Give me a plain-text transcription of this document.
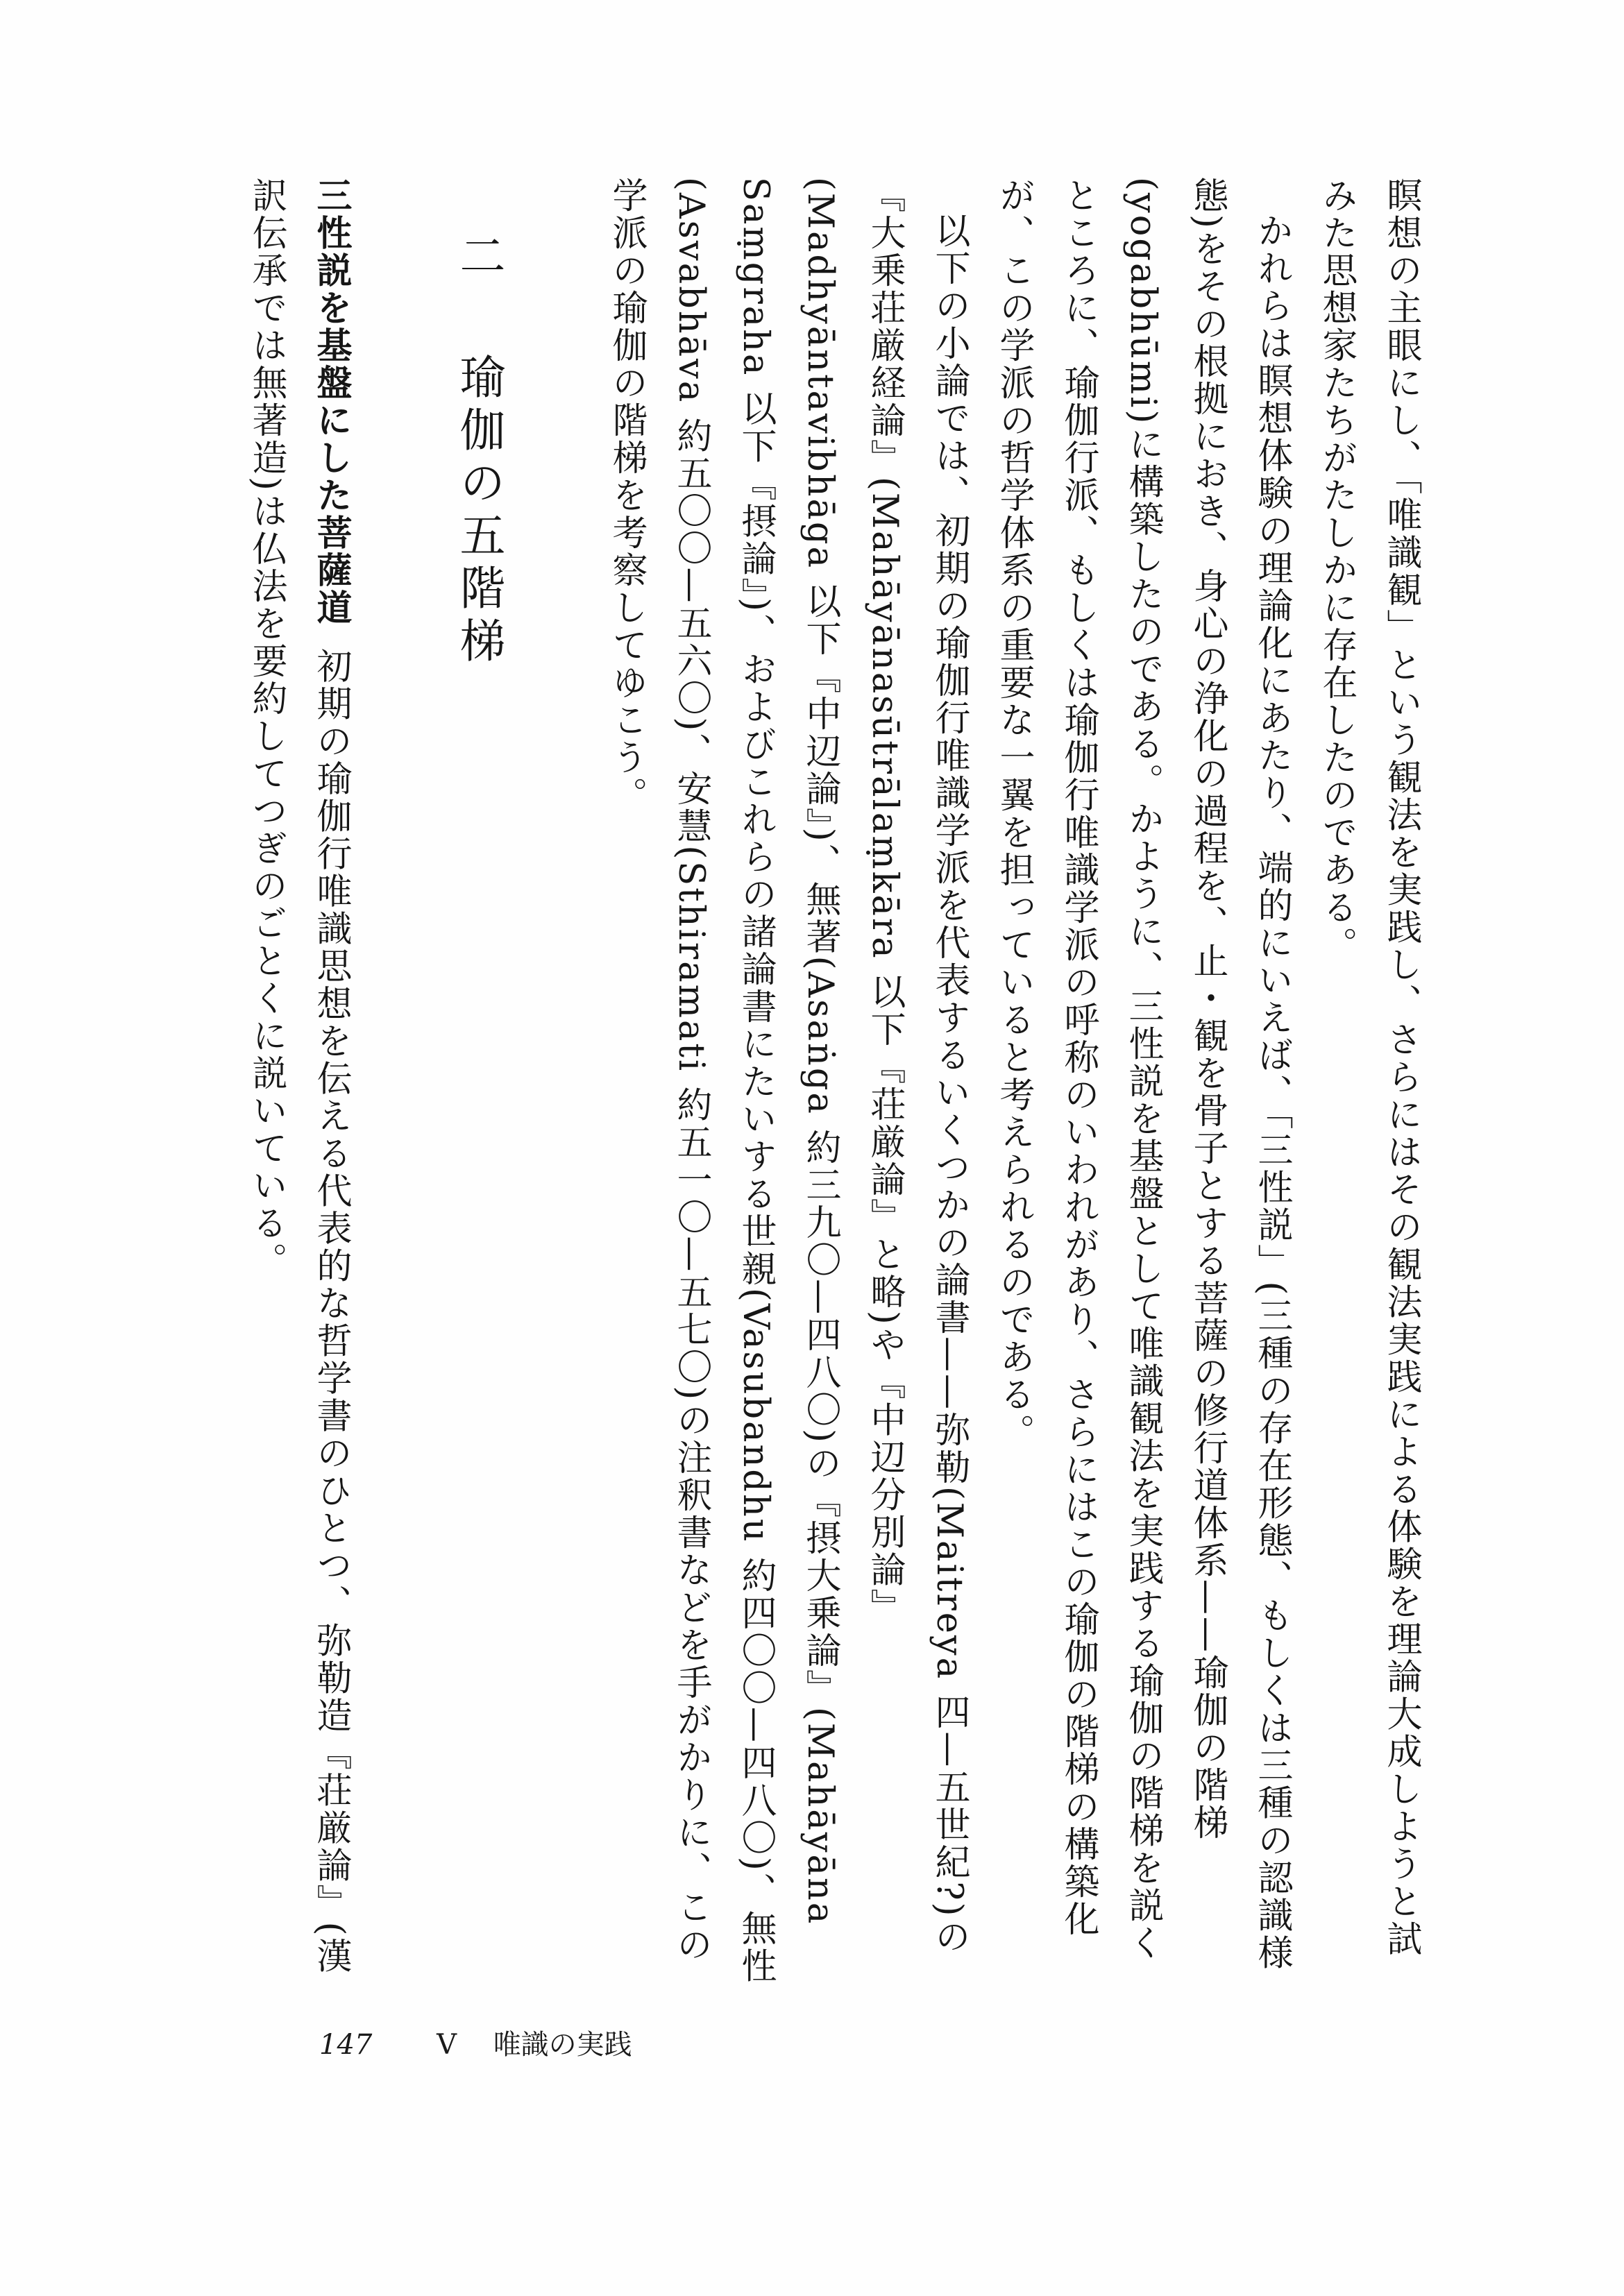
瞑想の主眼にし、「唯識観」という観法を実践し、さらにはその観法実践による体験を理論大成しようと試みた思想家たちがたしかに存在したのである。

かれらは瞑想体験の理論化にあたり、端的にいえば、「三性説」(三種の存在形態、もしくは三種の認識様態)をその根拠におき、身心の浄化の過程を、止・観を骨子とする菩薩の修行道体系——瑜伽の階梯(yogabhūmi)に構築したのである。かように、三性説を基盤として唯識観法を実践する瑜伽の階梯を説くところに、瑜伽行派、もしくは瑜伽行唯識学派の呼称のいわれがあり、さらにはこの瑜伽の階梯の構築化が、この学派の哲学体系の重要な一翼を担っていると考えられるのである。

以下の小論では、初期の瑜伽行唯識学派を代表するいくつかの論書——弥勒(Maitreya 四—五世紀?)の『大乗荘厳経論』(Mahāyānasūtrālaṃkāra 以下『荘厳論』と略)や『中辺分別論』(Madhyāntavibhāga 以下『中辺論』)、無著(Asaṅga 約三九〇—四八〇)の『摂大乗論』(Mahāyāna Saṃgraha 以下『摂論』)、およびこれらの諸論書にたいする世親(Vasubandhu 約四〇〇—四八〇)、無性(Asvabhāva 約五〇〇—五六〇)、安慧(Sthiramati 約五一〇—五七〇)の注釈書などを手がかりに、この学派の瑜伽の階梯を考察してゆこう。

二瑜伽の五階梯

三性説を基盤にした菩薩道初期の瑜伽行唯識思想を伝える代表的な哲学書のひとつ、弥勒造『荘厳論』(漢訳伝承では無著造)は仏法を要約してつぎのごとくに説いている。

147 V 唯識の実践
